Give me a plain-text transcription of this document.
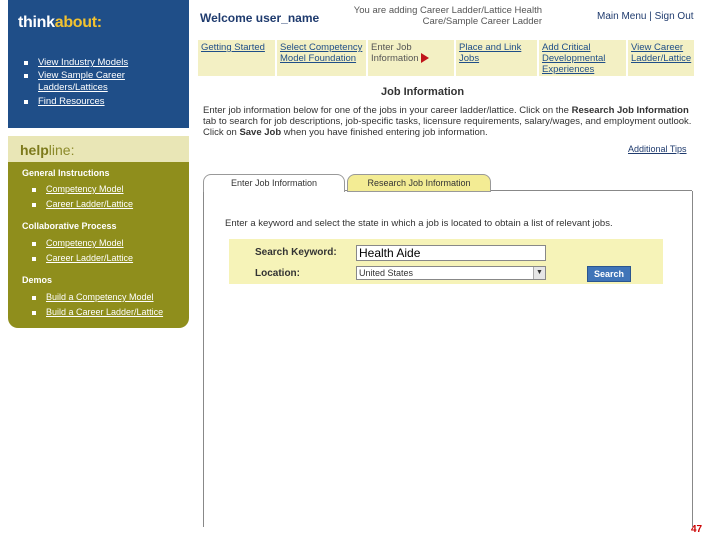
thinkabout:
View Industry Models
View Sample Career
Ladders/Lattices
Find Resources
helpline:
General Instructions
Competency Model
Career Ladder/Lattice
Collaborative Process
Competency Model
Career Ladder/Lattice
Demos
Build a Competency Model
Build a Career Ladder/Lattice
Welcome user_name
You are adding Career Ladder/Lattice Health
Care/Sample Career Ladder	Main Menu | Sign Out
Getting Started	Select Competency
Model Foundation
Enter Job
Information
Place and Link
Jobs
Add Critical
Developmental
Experiences
View Career
Ladder/Lattice
Job Information
Enter job information below for one of the jobs in your career ladder/lattice. Click on the Research Job Information tab to search for job descriptions, job-specific tasks, licensure requirements, salary/wages, and employment outlook. Click on Save Job when you have finished entering job information.
Additional Tips
Enter Job Information	Research Job Information
Enter a keyword and select the state in which a job is located to obtain a list of relevant jobs.
Search Keyword:
Health Aide
Location:	United States	▼	Search
47
